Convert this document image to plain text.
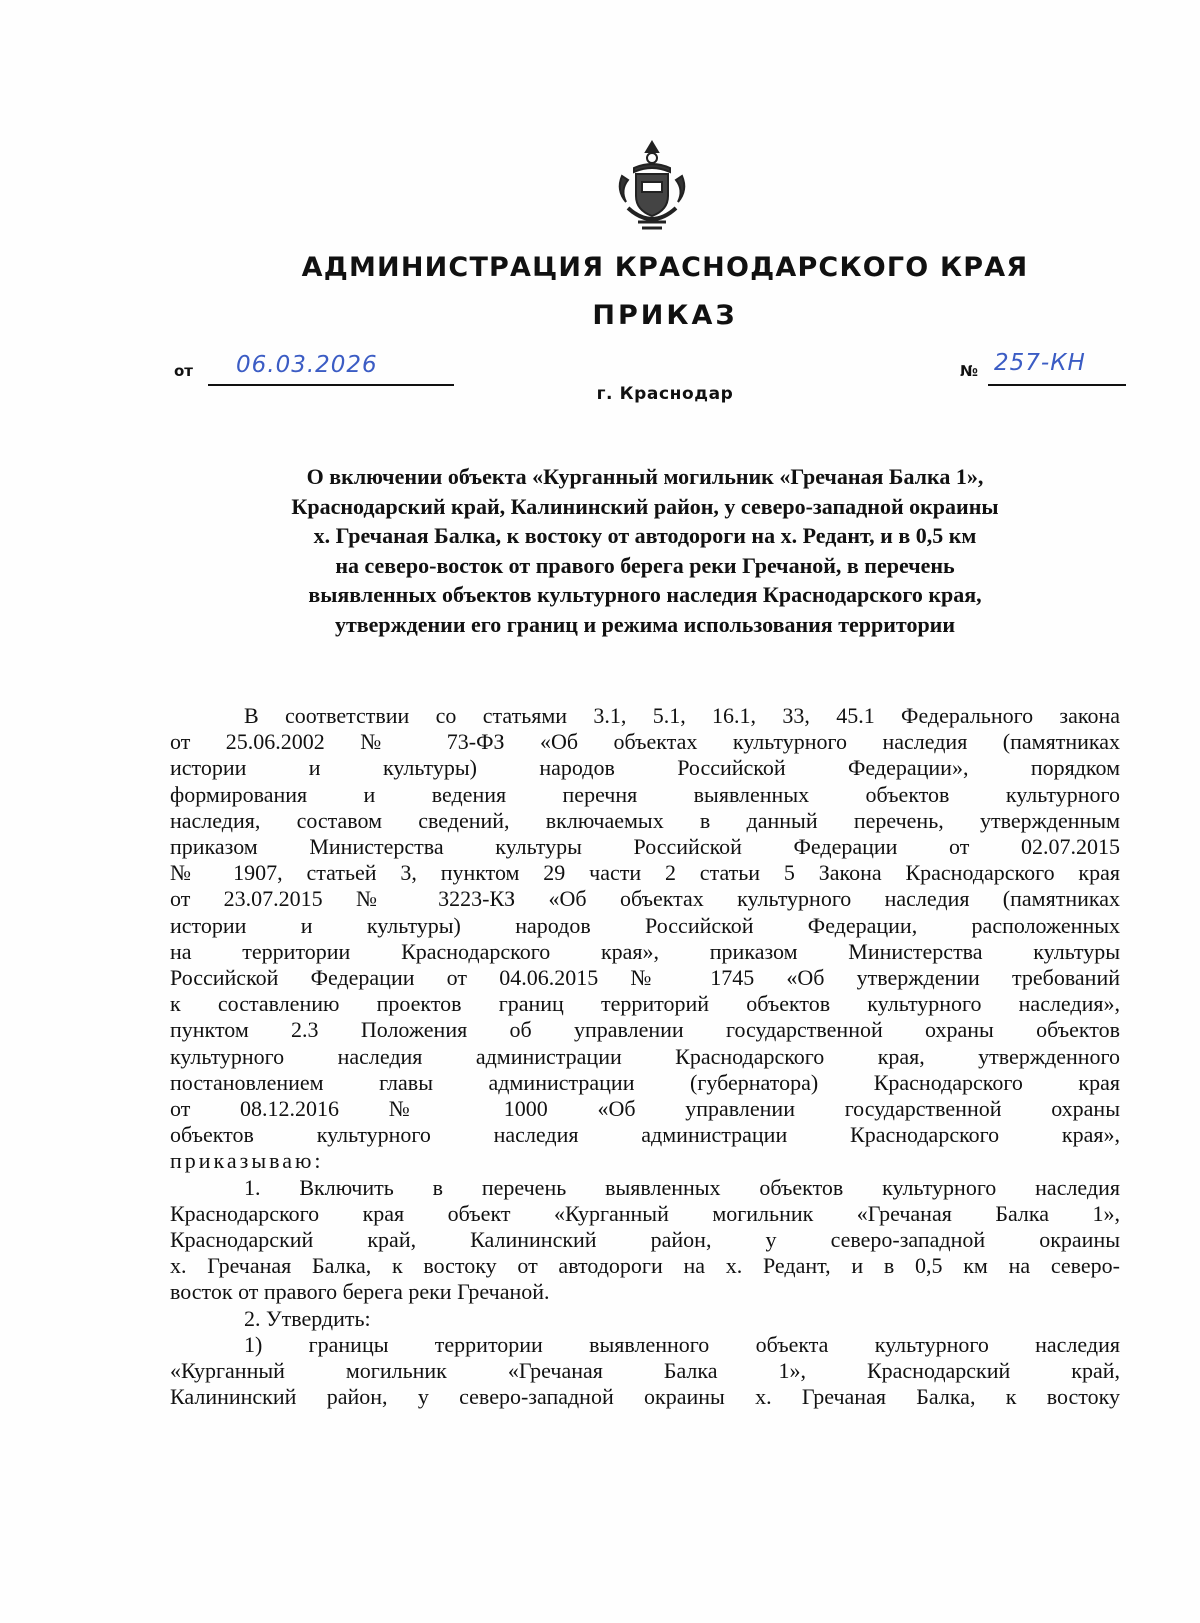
АДМИНИСТРАЦИЯ КРАСНОДАРСКОГО КРАЯ
ПРИКАЗ
от 06.03.2026	№ 257-КН
г. Краснодар
О включении объекта «Курганный могильник «Гречаная Балка 1»,
Краснодарский край, Калининский район, у северо-западной окраины
х. Гречаная Балка, к востоку от автодороги на х. Редант, и в 0,5 км
на северо-восток от правого берега реки Гречаной, в перечень
выявленных объектов культурного наследия Краснодарского края,
утверждении его границ и режима использования территории
В соответствии со статьями 3.1, 5.1, 16.1, 33, 45.1 Федерального закона
от 25.06.2002 № 73-ФЗ «Об объектах культурного наследия (памятниках
истории и культуры) народов Российской Федерации», порядком
формирования и ведения перечня выявленных объектов культурного
наследия, составом сведений, включаемых в данный перечень, утвержденным
приказом Министерства культуры Российской Федерации от 02.07.2015
№ 1907, статьей 3, пунктом 29 части 2 статьи 5 Закона Краснодарского края
от 23.07.2015 № 3223-КЗ «Об объектах культурного наследия (памятниках
истории и культуры) народов Российской Федерации, расположенных
на территории Краснодарского края», приказом Министерства культуры
Российской Федерации от 04.06.2015 № 1745 «Об утверждении требований
к составлению проектов границ территорий объектов культурного наследия»,
пунктом 2.3 Положения об управлении государственной охраны объектов
культурного наследия администрации Краснодарского края, утвержденного
постановлением главы администрации (губернатора) Краснодарского края
от 08.12.2016 № 1000 «Об управлении государственной охраны
объектов культурного наследия администрации Краснодарского края»,
приказываю:
1. Включить в перечень выявленных объектов культурного наследия
Краснодарского края объект «Курганный могильник «Гречаная Балка 1»,
Краснодарский край, Калининский район, у северо-западной окраины
х. Гречаная Балка, к востоку от автодороги на х. Редант, и в 0,5 км на северо-
восток от правого берега реки Гречаной.
2. Утвердить:
1) границы территории выявленного объекта культурного наследия
«Курганный могильник «Гречаная Балка 1», Краснодарский край,
Калининский район, у северо-западной окраины х. Гречаная Балка, к востоку
